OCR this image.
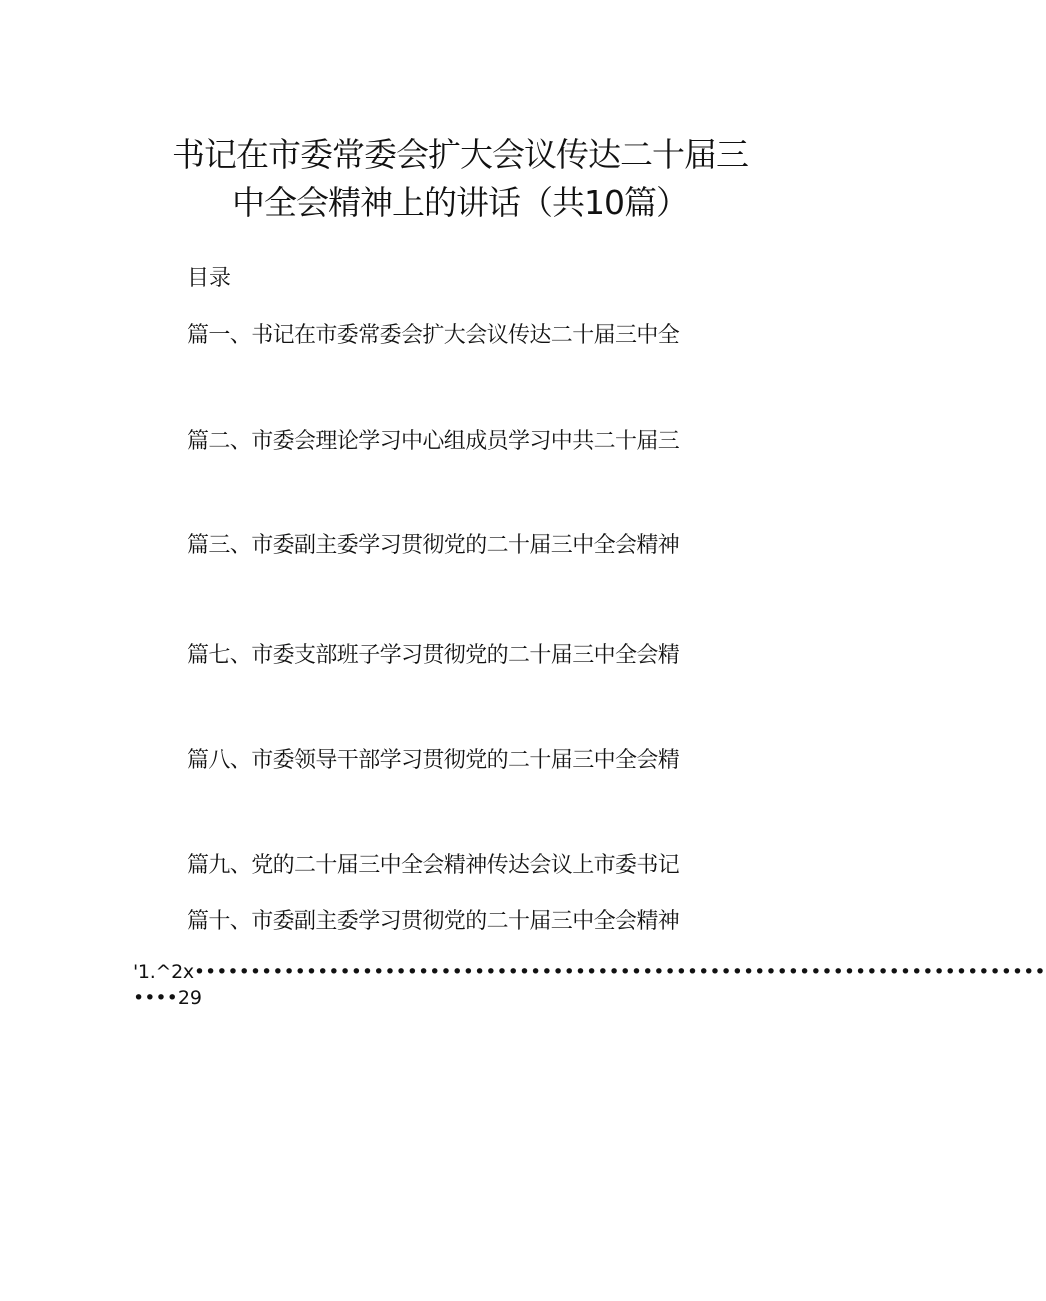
书记在市委常委会扩大会议传达二十届三
中全会精神上的讲话（共10篇）
目录
篇一、书记在市委常委会扩大会议传达二十届三中全
篇二、市委会理论学习中心组成员学习中共二十届三
篇三、市委副主委学习贯彻党的二十届三中全会精神
篇七、市委支部班子学习贯彻党的二十届三中全会精
篇八、市委领导干部学习贯彻党的二十届三中全会精
篇九、党的二十届三中全会精神传达会议上市委书记
篇十、市委副主委学习贯彻党的二十届三中全会精神
'1.^2x••••••••••••••••••••••••••••••••••••••••••••••••••••••••••••••••••••••••••••
••••29
